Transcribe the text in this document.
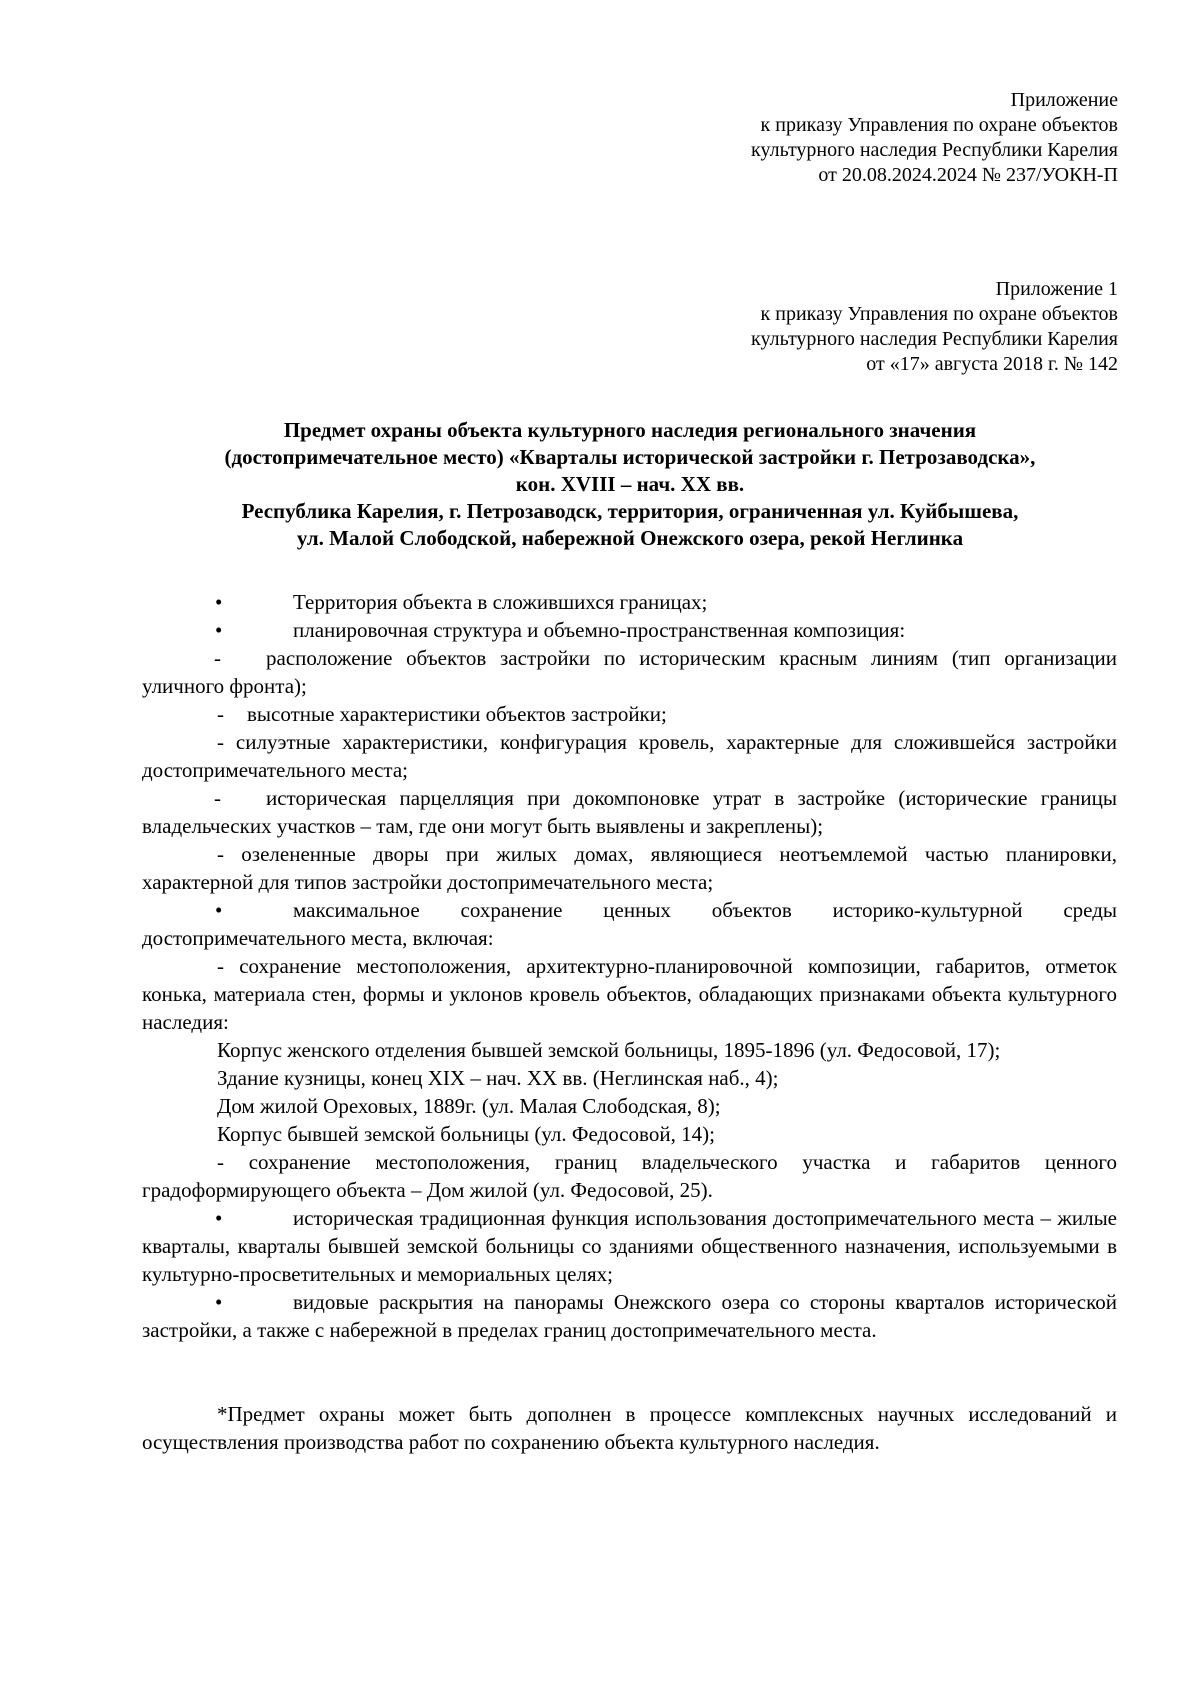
Приложение
к приказу Управления по охране объектов
культурного наследия Республики Карелия
от 20.08.2024.2024 № 237/УОКН-П
Приложение 1
к приказу Управления по охране объектов
культурного наследия Республики Карелия
от «17» августа 2018 г. № 142
Предмет охраны объекта культурного наследия регионального значения
(достопримечательное место) «Кварталы исторической застройки г. Петрозаводска»,
кон. XVIII – нач. XX вв.
Республика Карелия, г. Петрозаводск, территория, ограниченная ул. Куйбышева,
ул. Малой Слободской, набережной Онежского озера, рекой Неглинка

•	Территория объекта в сложившихся границах;

•	планировочная структура и объемно-пространственная композиция:

- расположение объектов застройки по историческим красным линиям (тип организации уличного фронта);

- высотные характеристики объектов застройки;

- силуэтные характеристики, конфигурация кровель, характерные для сложившейся застройки достопримечательного места;

- историческая парцелляция при докомпоновке утрат в застройке (исторические границы владельческих участков – там, где они могут быть выявлены и закреплены);

- озелененные дворы при жилых домах, являющиеся неотъемлемой частью планировки, характерной для типов застройки достопримечательного места;

•	максимальное сохранение ценных объектов историко-культурной среды достопримечательного места, включая:

- сохранение местоположения, архитектурно-планировочной композиции, габаритов, отметок конька, материала стен, формы и уклонов кровель объектов, обладающих признаками объекта культурного наследия:

Корпус женского отделения бывшей земской больницы, 1895-1896 (ул. Федосовой, 17);

Здание кузницы, конец XIX – нач. XX вв. (Неглинская наб., 4);

Дом жилой Ореховых, 1889г. (ул. Малая Слободская, 8);

Корпус бывшей земской больницы (ул. Федосовой, 14);

- сохранение местоположения, границ владельческого участка и габаритов ценного градоформирующего объекта – Дом жилой (ул. Федосовой, 25).

•	историческая традиционная функция использования достопримечательного места – жилые кварталы, кварталы бывшей земской больницы со зданиями общественного назначения, используемыми в культурно-просветительных и мемориальных целях;

•	видовые раскрытия на панорамы Онежского озера со стороны кварталов исторической застройки, а также с набережной в пределах границ достопримечательного места.

*Предмет охраны может быть дополнен в процессе комплексных научных исследований и осуществления производства работ по сохранению объекта культурного наследия.
